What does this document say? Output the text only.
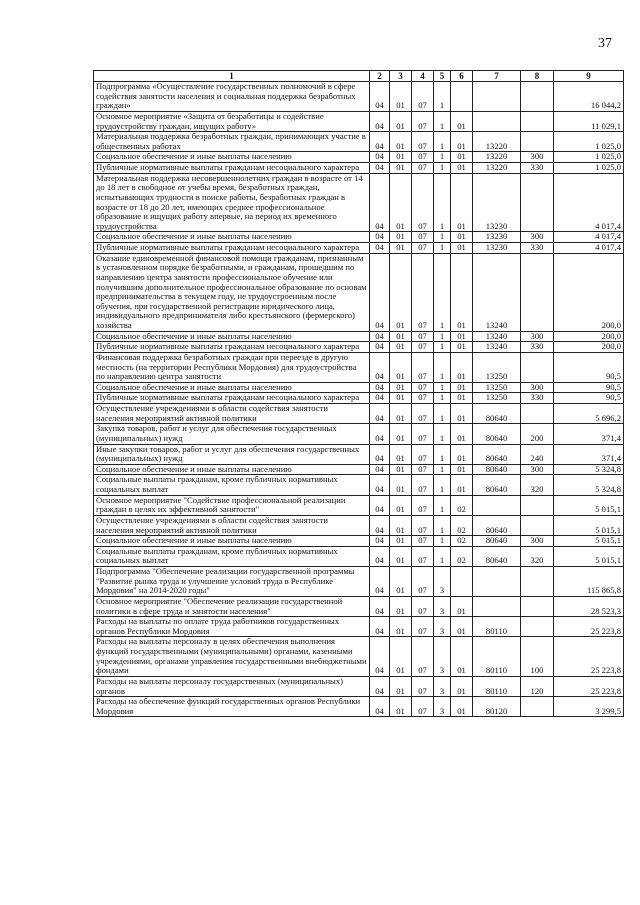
37
1	2	3	4	5	6	7	8	9
Подпрограмма «Осуществление государственных полномочий в сфере содействия занятости населения и социальная поддержка безработных граждан»	04	01	07	1				16 044,2
Основное мероприятие «Защита от безработицы и содействие трудоустройству граждан, ищущих работу»	04	01	07	1	01			11 029,1
Материальная поддержка безработных граждан, принимающих участие в общественных работах	04	01	07	1	01	13220		1 025,0
Социальное обеспечение и иные выплаты населению	04	01	07	1	01	13220	300	1 025,0
Публичные нормативные выплаты гражданам несоциального характера	04	01	07	1	01	13220	330	1 025,0
Материальная поддержка несовершеннолетних граждан в возрасте от 14 до 18 лет в свободное от учебы время, безработных граждан, испытывающих трудности в поиске работы, безработных граждан в возрасте от 18 до 20 лет, имеющих среднее профессиональное образование и ищущих работу впервые, на период их временного трудоустройства	04	01	07	1	01	13230		4 017,4
Социальное обеспечение и иные выплаты населению	04	01	07	1	01	13230	300	4 017,4
Публичные нормативные выплаты гражданам несоциального характера	04	01	07	1	01	13230	330	4 017,4
Оказание единовременной финансовой помощи гражданам, признанным в установленном порядке безработными, и гражданам, прошедшим по направлению центра занятости профессиональное обучение или получившим дополнительное профессиональное образование по основам предпринимательства в текущем году, не трудоустроенным после обучения, при государственной регистрации юридического лица, индивидуального предпринимателя либо крестьянского (фермерского) хозяйства	04	01	07	1	01	13240		200,0
Социальное обеспечение и иные выплаты населению	04	01	07	1	01	13240	300	200,0
Публичные нормативные выплаты гражданам несоциального характера	04	01	07	1	01	13240	330	200,0
Финансовая поддержка безработных граждан при переезде в другую местность (на территории Республики Мордовия) для трудоустройства по направлению центра занятости	04	01	07	1	01	13250		90,5
Социальное обеспечение и иные выплаты населению	04	01	07	1	01	13250	300	90,5
Публичные нормативные выплаты гражданам несоциального характера	04	01	07	1	01	13250	330	90,5
Осуществление учреждениями в области содействия занятости населения мероприятий активной политики	04	01	07	1	01	80640		5 696,2
Закупка товаров, работ и услуг для обеспечения государственных (муниципальных) нужд	04	01	07	1	01	80640	200	371,4
Иные закупки товаров, работ и услуг для обеспечения государственных (муниципальных) нужд	04	01	07	1	01	80640	240	371,4
Социальное обеспечение и иные выплаты населению	04	01	07	1	01	80640	300	5 324,8
Социальные выплаты гражданам, кроме публичных нормативных социальных выплат	04	01	07	1	01	80640	320	5 324,8
Основное мероприятие "Содействие профессиональной реализации граждан в целях их эффективной занятости"	04	01	07	1	02			5 015,1
Осуществление учреждениями в области содействия занятости населения мероприятий активной политики	04	01	07	1	02	80640		5 015,1
Социальное обеспечение и иные выплаты населению	04	01	07	1	02	80640	300	5 015,1
Социальные выплаты гражданам, кроме публичных нормативных социальных выплат	04	01	07	1	02	80640	320	5 015,1
Подпрограмма "Обеспечение реализации государственной программы "Развитие рынка труда и улучшение условий труда в Республике Мордовия" на 2014-2020 годы"	04	01	07	3				115 865,8
Основное мероприятие "Обеспечение реализации государственной политики в сфере труда и занятости населения"	04	01	07	3	01			28 523,3
Расходы на выплаты по оплате труда работников государственных органов Республики Мордовия	04	01	07	3	01	80110		25 223,8
Расходы на выплаты персоналу в целях обеспечения выполнения функций государственными (муниципальными) органами, казенными учреждениями, органами управления государственными внебюджетными фондами	04	01	07	3	01	80110	100	25 223,8
Расходы на выплаты персоналу государственных (муниципальных) органов	04	01	07	3	01	80110	120	25 223,8
Расходы на обеспечение функций государственных органов Республики Мордовия	04	01	07	3	01	80120		3 299,5
